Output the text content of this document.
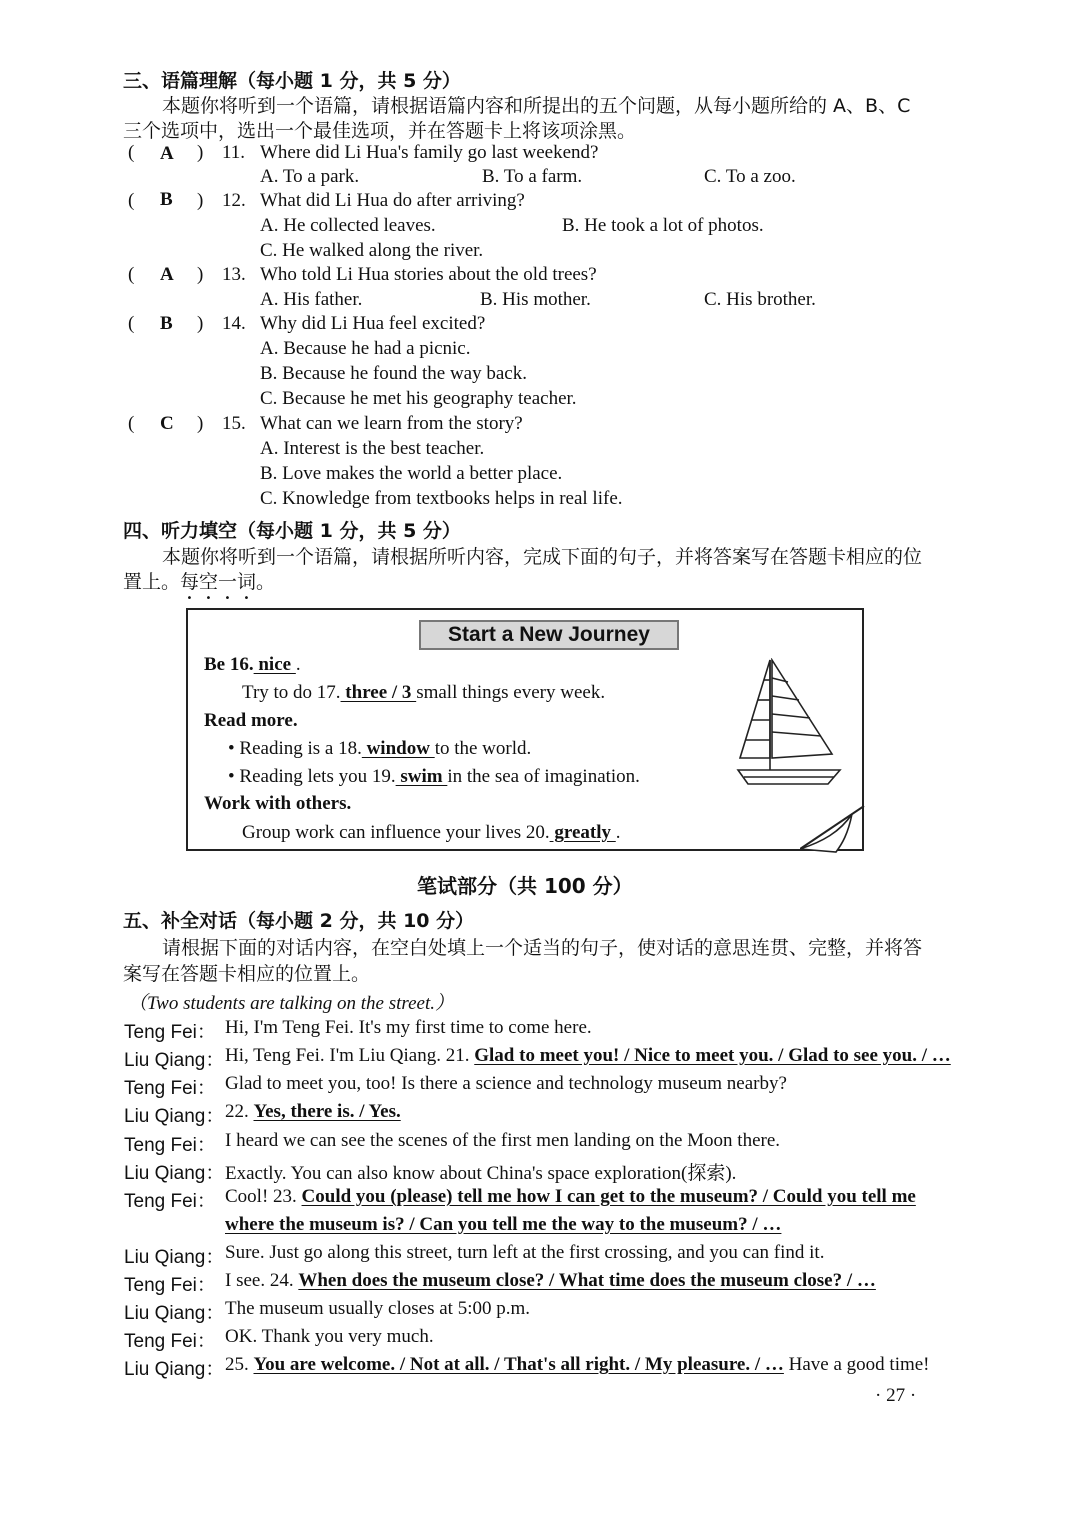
三、语篇理解（每小题 1 分，共 5 分）
本题你将听到一个语篇，请根据语篇内容和所提出的五个问题，从每小题所给的 A、B、C
三个选项中，选出一个最佳选项，并在答题卡上将该项涂黑。
( A ) 11. Where did Li Hua's family go last weekend?
A. To a park.	B. To a farm.	C. To a zoo.
( B ) 12. What did Li Hua do after arriving?
A. He collected leaves.	B. He took a lot of photos.
C. He walked along the river.
( A ) 13. Who told Li Hua stories about the old trees?
A. His father.	B. His mother.	C. His brother.
( B ) 14. Why did Li Hua feel excited?
A. Because he had a picnic.
B. Because he found the way back.
C. Because he met his geography teacher.
( C ) 15. What can we learn from the story?
A. Interest is the best teacher.
B. Love makes the world a better place.
C. Knowledge from textbooks helps in real life.
四、听力填空（每小题 1 分，共 5 分）
本题你将听到一个语篇，请根据所听内容，完成下面的句子，并将答案写在答题卡相应的位
置上。每空一词。
Start a New Journey
Be 16. nice .
Try to do 17. three / 3 small things every week.
Read more.
• Reading is a 18. window to the world.
• Reading lets you 19. swim in the sea of imagination.
Work with others.
Group work can influence your lives 20. greatly .
笔试部分（共 100 分）
五、补全对话（每小题 2 分，共 10 分）
请根据下面的对话内容，在空白处填上一个适当的句子，使对话的意思连贯、完整，并将答
案写在答题卡相应的位置上。
（Two students are talking on the street.）
Teng Fei： Hi, I'm Teng Fei. It's my first time to come here.
Liu Qiang： Hi, Teng Fei. I'm Liu Qiang. 21. Glad to meet you! / Nice to meet you. / Glad to see you. / …
Teng Fei： Glad to meet you, too! Is there a science and technology museum nearby?
Liu Qiang： 22. Yes, there is. / Yes.
Teng Fei： I heard we can see the scenes of the first men landing on the Moon there.
Liu Qiang： Exactly. You can also know about China's space exploration(探索).
Teng Fei： Cool! 23. Could you (please) tell me how I can get to the museum? / Could you tell me
where the museum is? / Can you tell me the way to the museum? / …
Liu Qiang： Sure. Just go along this street, turn left at the first crossing, and you can find it.
Teng Fei： I see. 24. When does the museum close? / What time does the museum close? / …
Liu Qiang： The museum usually closes at 5:00 p.m.
Teng Fei： OK. Thank you very much.
Liu Qiang： 25. You are welcome. / Not at all. / That's all right. / My pleasure. / … Have a good time!
· 27 ·
